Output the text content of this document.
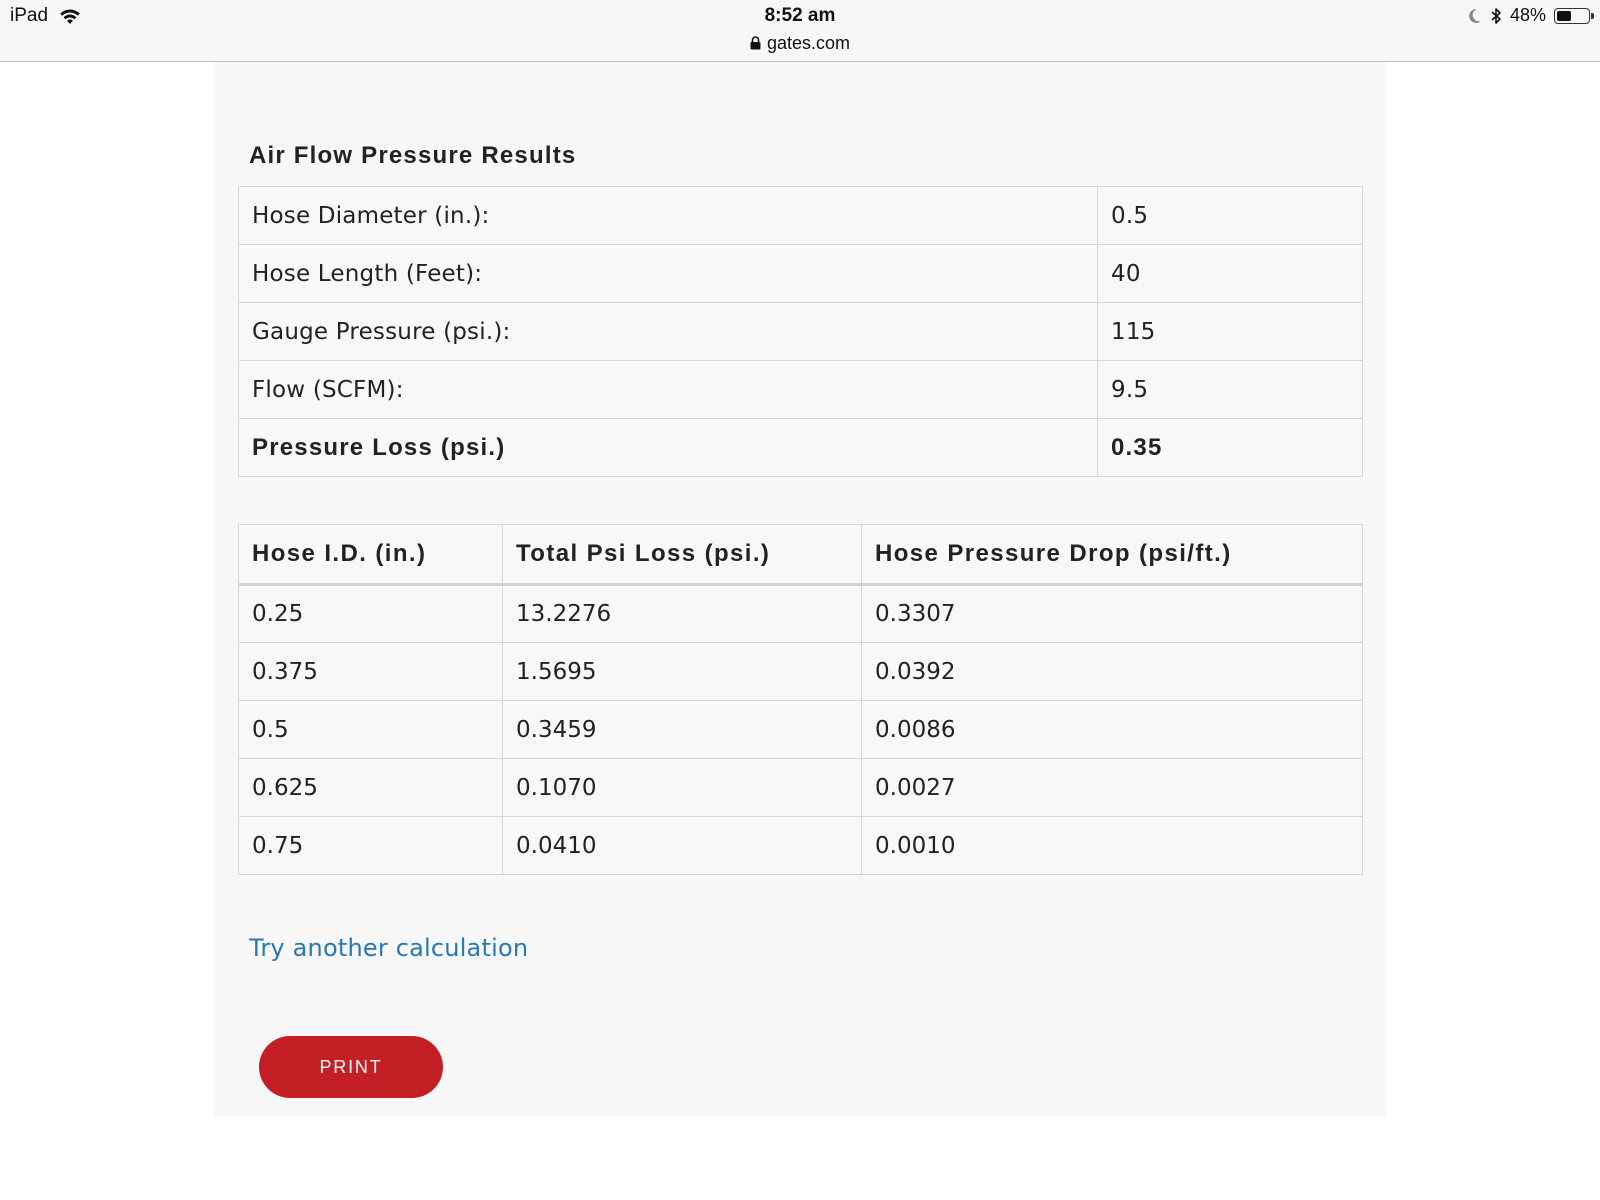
iPad	8:52 am
gates.com
48%
Air Flow Pressure Results
Hose Diameter (in.):	0.5
Hose Length (Feet):	40
Gauge Pressure (psi.):	115
Flow (SCFM):	9.5
Pressure Loss (psi.)	0.35
Hose I.D. (in.)	Total Psi Loss (psi.)	Hose Pressure Drop (psi/ft.)
0.25	13.2276	0.3307
0.375	1.5695	0.0392
0.5	0.3459	0.0086
0.625	0.1070	0.0027
0.75	0.0410	0.0010
Try another calculation
PRINT
